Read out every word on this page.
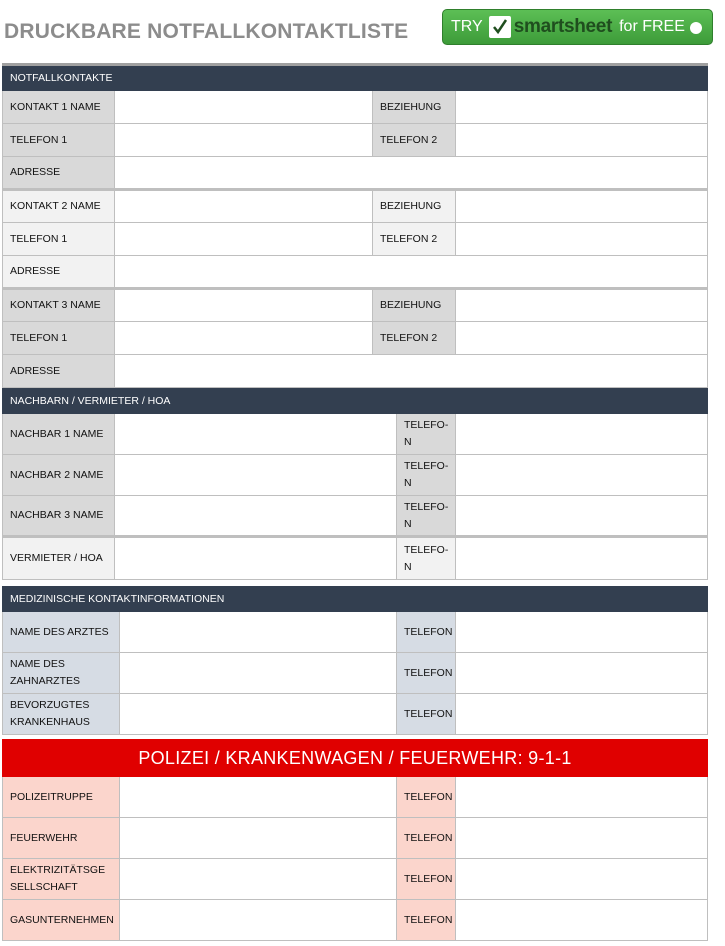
DRUCKBARE NOTFALLKONTAKTLISTE	TRY smartsheet for FREE
NOTFALLKONTAKTE			
KONTAKT 1 NAME		BEZIEHUNG	
TELEFON 1		TELEFON 2	
ADRESSE			
KONTAKT 2 NAME		BEZIEHUNG	
TELEFON 1		TELEFON 2	
ADRESSE			
KONTAKT 3 NAME		BEZIEHUNG	
TELEFON 1		TELEFON 2	
ADRESSE			
NACHBARN / VERMIETER / HOA			
NACHBAR 1 NAME		TELEFON	
NACHBAR 2 NAME		TELEFON	
NACHBAR 3 NAME		TELEFON	
VERMIETER / HOA		TELEFON	
MEDIZINISCHE KONTAKTINFORMATIONEN			
NAME DES ARZTES		TELEFON	
NAME DES ZAHNARZTES		TELEFON	
BEVORZUGTES KRANKENHAUS		TELEFON	
POLIZEI / KRANKENWAGEN / FEUERWEHR: 9-1-1			
POLIZEITRUPPE		TELEFON	
FEUERWEHR		TELEFON	
ELEKTRIZITÄTSGESELLSCHAFT		TELEFON	
GASUNTERNEHMEN		TELEFON	
